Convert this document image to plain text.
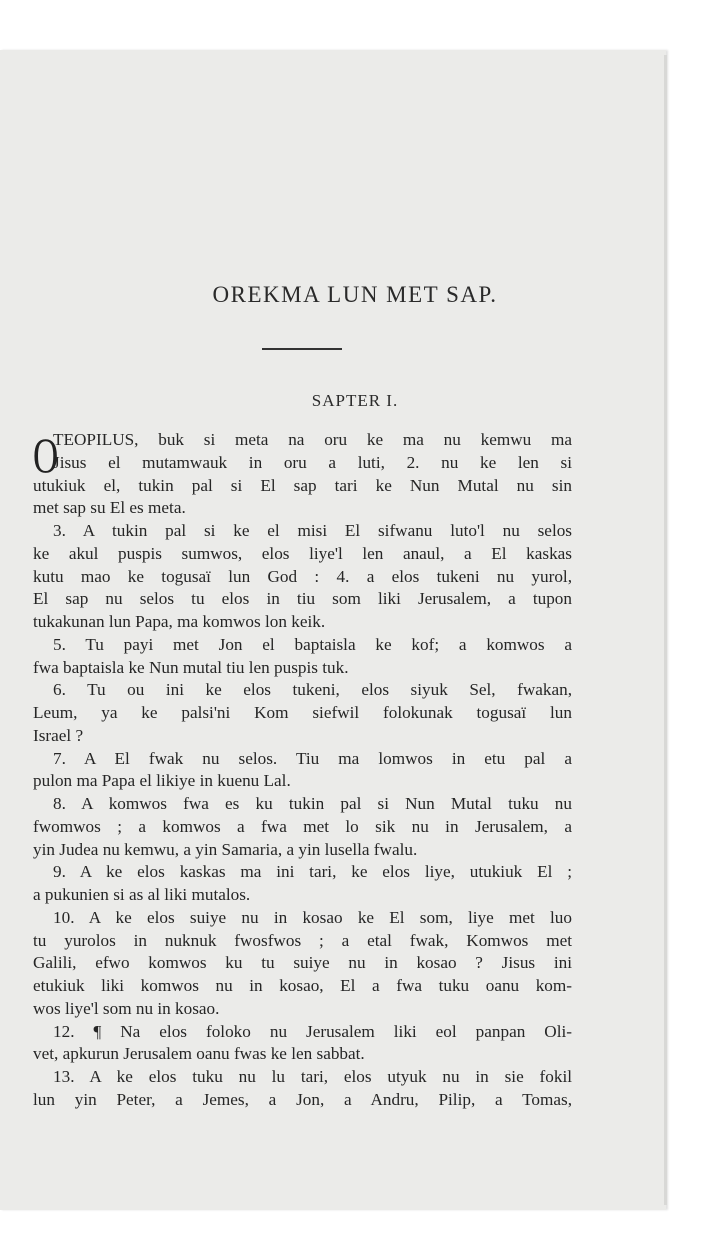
OREKMA LUN MET SAP.
SAPTER I.
O
TEOPILUS, buk si meta na oru ke ma nu kemwu ma
Jisus el mutamwauk in oru a luti, 2. nu ke len si
utukiuk el, tukin pal si El sap tari ke Nun Mutal nu sin
met sap su El es meta.
3. A tukin pal si ke el misi El sifwanu luto'l nu selos
ke akul puspis sumwos, elos liye'l len anaul, a El kaskas
kutu mao ke togusaï lun God : 4. a elos tukeni nu yurol,
El sap nu selos tu elos in tiu som liki Jerusalem, a tupon
tukakunan lun Papa, ma komwos lon keik.
5. Tu payi met Jon el baptaisla ke kof; a komwos a
fwa baptaisla ke Nun mutal tiu len puspis tuk.
6. Tu ou ini ke elos tukeni, elos siyuk Sel, fwakan,
Leum, ya ke palsi'ni Kom siefwil folokunak togusaï lun
Israel ?
7. A El fwak nu selos. Tiu ma lomwos in etu pal a
pulon ma Papa el likiye in kuenu Lal.
8. A komwos fwa es ku tukin pal si Nun Mutal tuku nu
fwomwos ; a komwos a fwa met lo sik nu in Jerusalem, a
yin Judea nu kemwu, a yin Samaria, a yin lusella fwalu.
9. A ke elos kaskas ma ini tari, ke elos liye, utukiuk El ;
a pukunien si as al liki mutalos.
10. A ke elos suiye nu in kosao ke El som, liye met luo
tu yurolos in nuknuk fwosfwos ; a etal fwak, Komwos met
Galili, efwo komwos ku tu suiye nu in kosao ? Jisus ini
etukiuk liki komwos nu in kosao, El a fwa tuku oanu kom-
wos liye'l som nu in kosao.
12. ¶ Na elos foloko nu Jerusalem liki eol panpan Oli-
vet, apkurun Jerusalem oanu fwas ke len sabbat.
13. A ke elos tuku nu lu tari, elos utyuk nu in sie fokil
lun yin Peter, a Jemes, a Jon, a Andru, Pilip, a Tomas,
